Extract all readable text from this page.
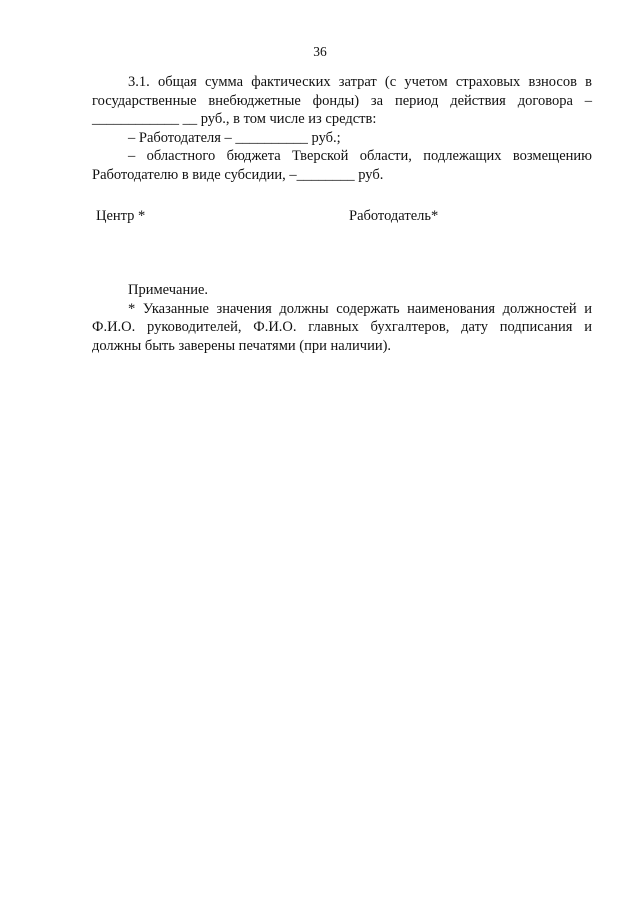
36

3.1. общая сумма фактических затрат (с учетом страховых взносов в

государственные внебюджетные фонды) за период действия договора –

____________ __ руб., в том числе из средств:

– Работодателя – __________ руб.;

– областного бюджета Тверской области, подлежащих возмещению

Работодателю в виде субсидии, –________ руб.

Центр *	Работодатель*

Примечание.

* Указанные значения должны содержать наименования должностей и

Ф.И.О. руководителей, Ф.И.О. главных бухгалтеров, дату подписания и

должны быть заверены печатями (при наличии).
